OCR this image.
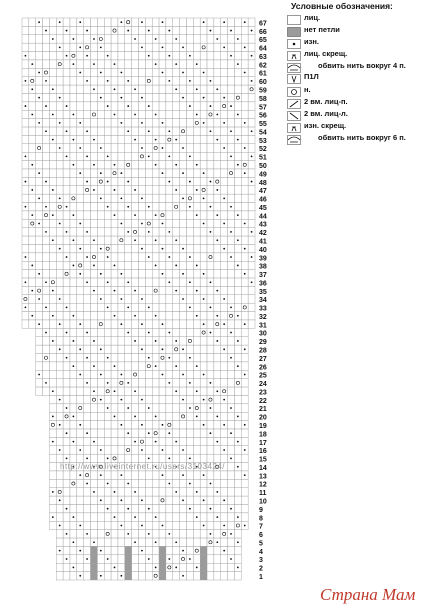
67
66
65
64
63
62
61
60
59
58
57
56
55
54
53
52
51
50
49
48
47
46
45
44
43
42
41
40
39
38
37
36
35
34
33
32
31
30
29
28
27
26
25
24
23
22
21
20
19
18
17
16
15
14
13
12
11
10
9
8
7
6
5
4
3
2
1
http://www.liveinternet.ru/users/3103424/
Условные обозначения:
лиц.
нет петли
изн.
лиц. скрещ.
обвить нить вокруг 4 п.
П1Л
н.
2 вм. лиц-п.
2 вм. лиц-л.
изн. скрещ.
обвить нить вокруг 6 п.
Страна Мам
